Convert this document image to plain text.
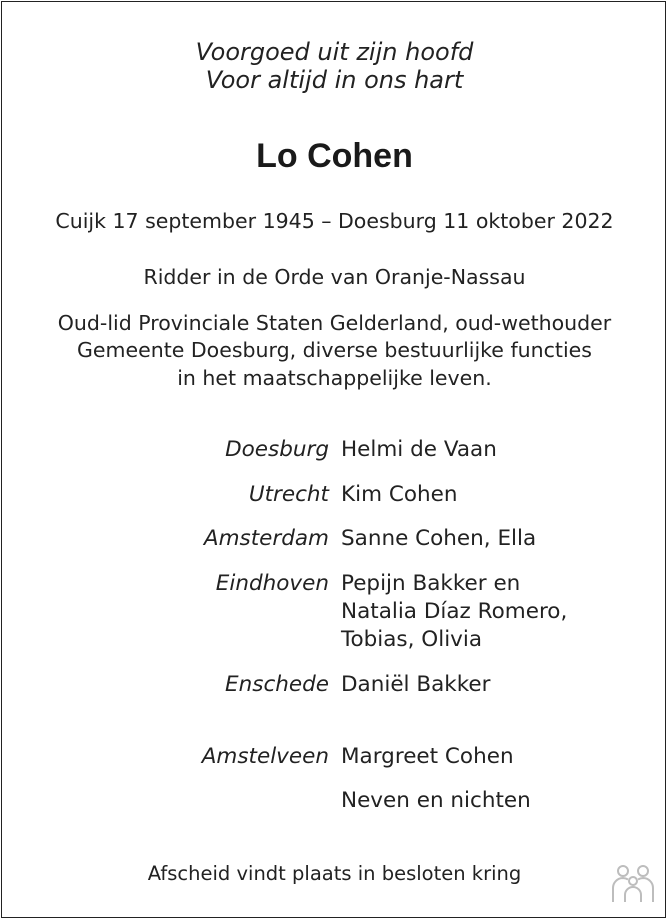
Voorgoed uit zijn hoofd
Voor altijd in ons hart
Lo Cohen
Cuijk 17 september 1945 – Doesburg 11 oktober 2022
Ridder in de Orde van Oranje-Nassau
Oud-lid Provinciale Staten Gelderland, oud-wethouder
Gemeente Doesburg, diverse bestuurlijke functies
in het maatschappelijke leven.
Doesburg Helmi de Vaan
Utrecht Kim Cohen
Amsterdam Sanne Cohen, Ella
Eindhoven Pepijn Bakker en
Natalia Díaz Romero,
Tobias, Olivia
Enschede Daniël Bakker
Amstelveen Margreet Cohen
Neven en nichten
Afscheid vindt plaats in besloten kring
